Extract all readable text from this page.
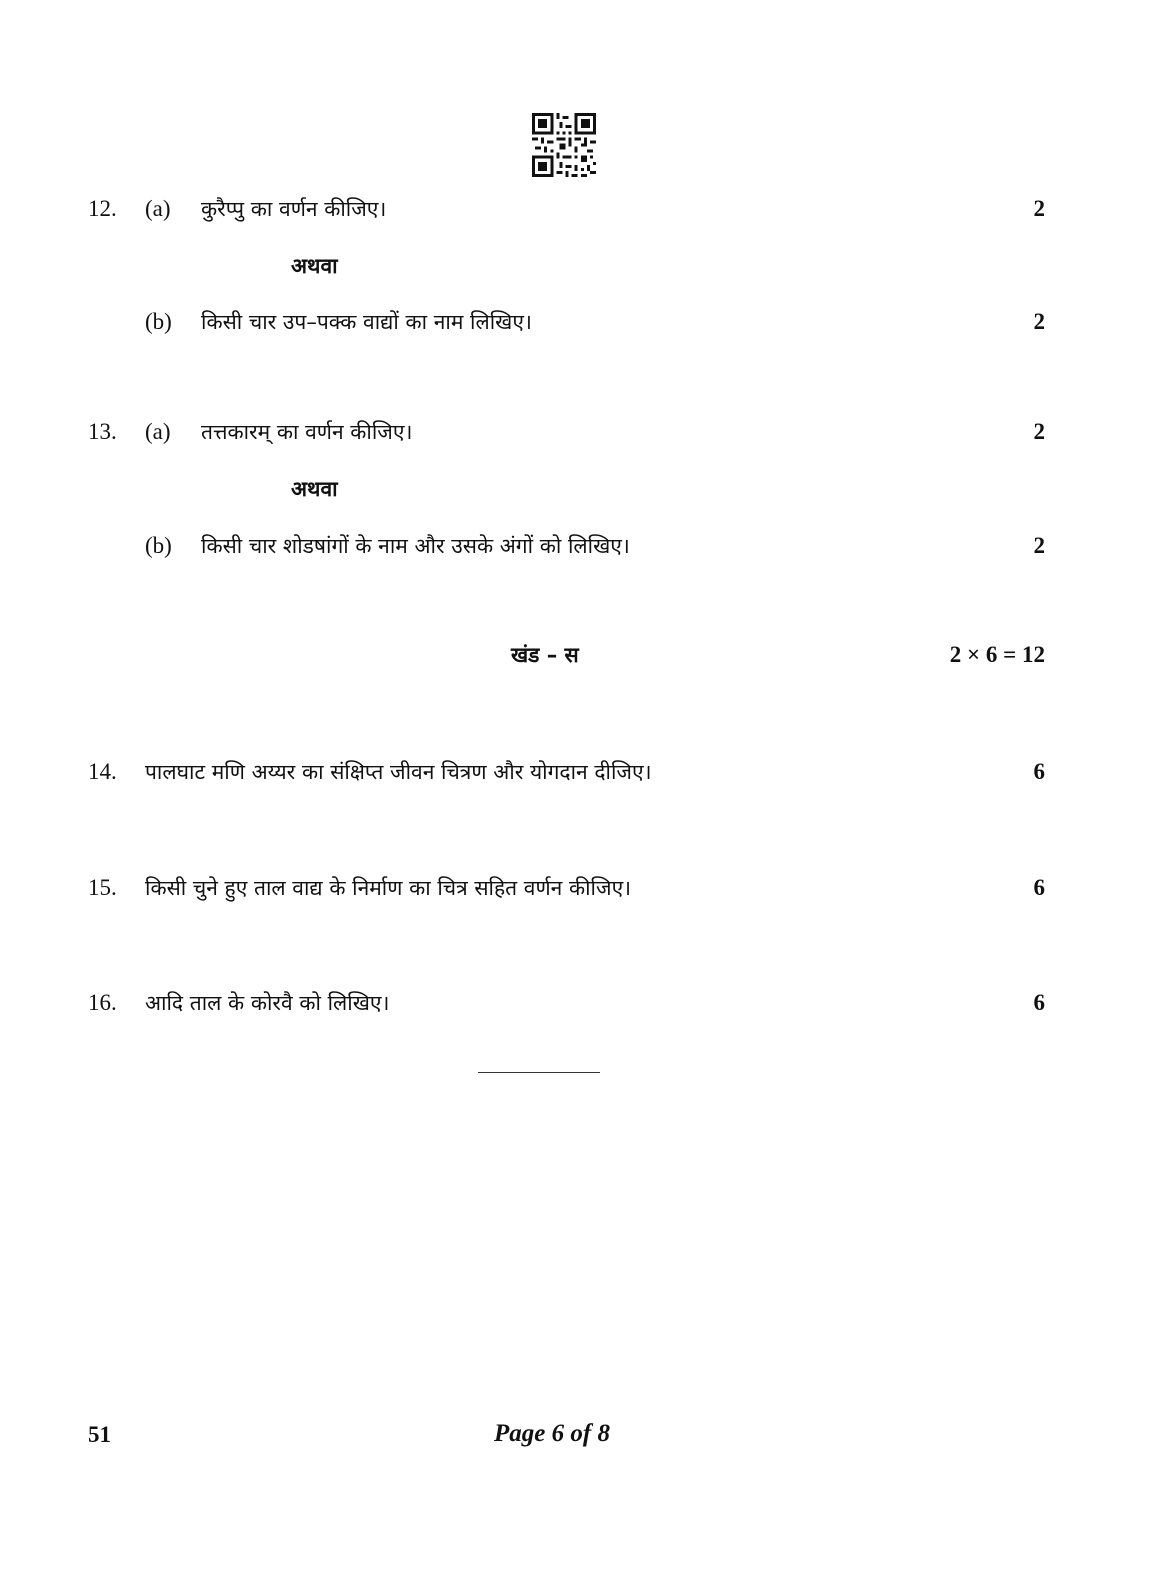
12. (a) कुरैप्पु का वर्णन कीजिए।	2
अथवा
(b) किसी चार उप–पक्क वाद्यों का नाम लिखिए।	2
13. (a) तत्तकारम् का वर्णन कीजिए।	2
अथवा
(b) किसी चार शोडषांगों के नाम और उसके अंगों को लिखिए।	2
खंड – स	2 × 6 = 12
14. पालघाट मणि अय्यर का संक्षिप्त जीवन चित्रण और योगदान दीजिए।	6
15. किसी चुने हुए ताल वाद्य के निर्माण का चित्र सहित वर्णन कीजिए।	6
16. आदि ताल के कोरवै को लिखिए।	6
51	Page 6 of 8
